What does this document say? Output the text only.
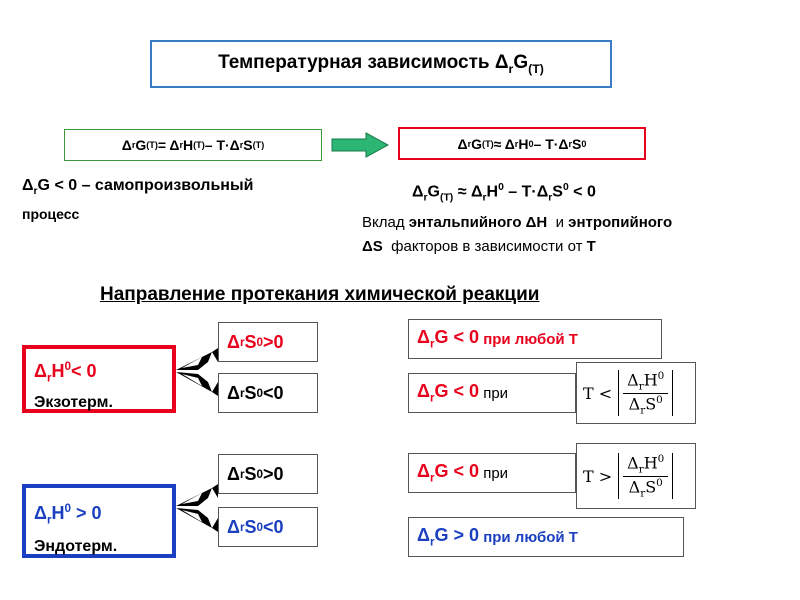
Температурная зависимость $\Delta_rG_{(T)}$
Δ r G (T) = Δ r H (T) – T·Δ r S (T)	Δ r G (T) ≈ Δ r H 0 – T·Δ r S 0
$\Delta_rG < 0$ – самопроизвольный
процесс
$\Delta_rG_{(T)} \approx \Delta_rH^0 - T\cdot\Delta_rS^0 < 0$
Вклад энтальпийного ΔH  и энтропийного
ΔS  факторов в зависимости от T
Направление протекания химической реакции
$\Delta_rH^0< 0$
Экзотерм.
$\Delta_rH^0 > 0$
Эндотерм.
Δ r S 0 >0
Δ r S 0 <0
Δ r S 0 >0
Δ r S 0 <0
$\Delta_rG < 0$ при любой T
$\Delta_rG < 0$ при
$\Delta_rG < 0$ при
$\Delta_rG > 0$ при любой T
$T < \frac{\Delta_rH^0}{\Delta_rS^0}$
$T > \frac{\Delta_rH^0}{\Delta_rS^0}$
